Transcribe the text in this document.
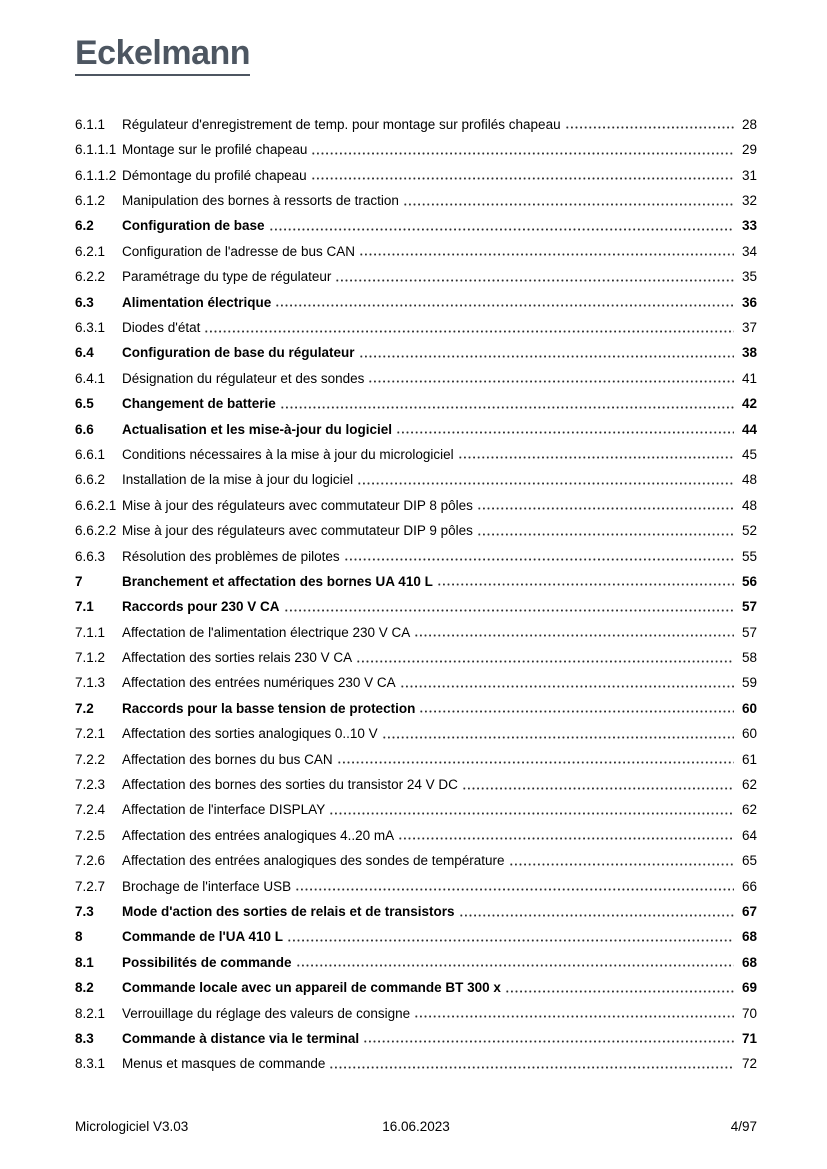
Eckelmann
6.1.1	Régulateur d'enregistrement de temp. pour montage sur profilés chapeau	28
6.1.1.1 Montage sur le profilé chapeau	29
6.1.1.2 Démontage du profilé chapeau	31
6.1.2	Manipulation des bornes à ressorts de traction	32
6.2	Configuration de base	33
6.2.1	Configuration de l'adresse de bus CAN	34
6.2.2	Paramétrage du type de régulateur	35
6.3	Alimentation électrique	36
6.3.1	Diodes d'état	37
6.4	Configuration de base du régulateur	38
6.4.1	Désignation du régulateur et des sondes	41
6.5	Changement de batterie	42
6.6	Actualisation et les mise-à-jour du logiciel	44
6.6.1	Conditions nécessaires à la mise à jour du micrologiciel	45
6.6.2	Installation de la mise à jour du logiciel	48
6.6.2.1 Mise à jour des régulateurs avec commutateur DIP 8 pôles	48
6.6.2.2 Mise à jour des régulateurs avec commutateur DIP 9 pôles	52
6.6.3	Résolution des problèmes de pilotes	55
7	Branchement et affectation des bornes UA 410 L	56
7.1	Raccords pour 230 V CA	57
7.1.1	Affectation de l'alimentation électrique 230 V CA	57
7.1.2	Affectation des sorties relais 230 V CA	58
7.1.3	Affectation des entrées numériques 230 V CA	59
7.2	Raccords pour la basse tension de protection	60
7.2.1	Affectation des sorties analogiques 0..10 V	60
7.2.2	Affectation des bornes du bus CAN	61
7.2.3	Affectation des bornes des sorties du transistor 24 V DC	62
7.2.4	Affectation de l'interface DISPLAY	62
7.2.5	Affectation des entrées analogiques 4..20 mA	64
7.2.6	Affectation des entrées analogiques des sondes de température	65
7.2.7	Brochage de l'interface USB	66
7.3	Mode d'action des sorties de relais et de transistors	67
8	Commande de l'UA 410 L	68
8.1	Possibilités de commande	68
8.2	Commande locale avec un appareil de commande BT 300 x	69
8.2.1	Verrouillage du réglage des valeurs de consigne	70
8.3	Commande à distance via le terminal	71
8.3.1	Menus et masques de commande	72
Micrologiciel V3.03	16.06.2023	4/97
